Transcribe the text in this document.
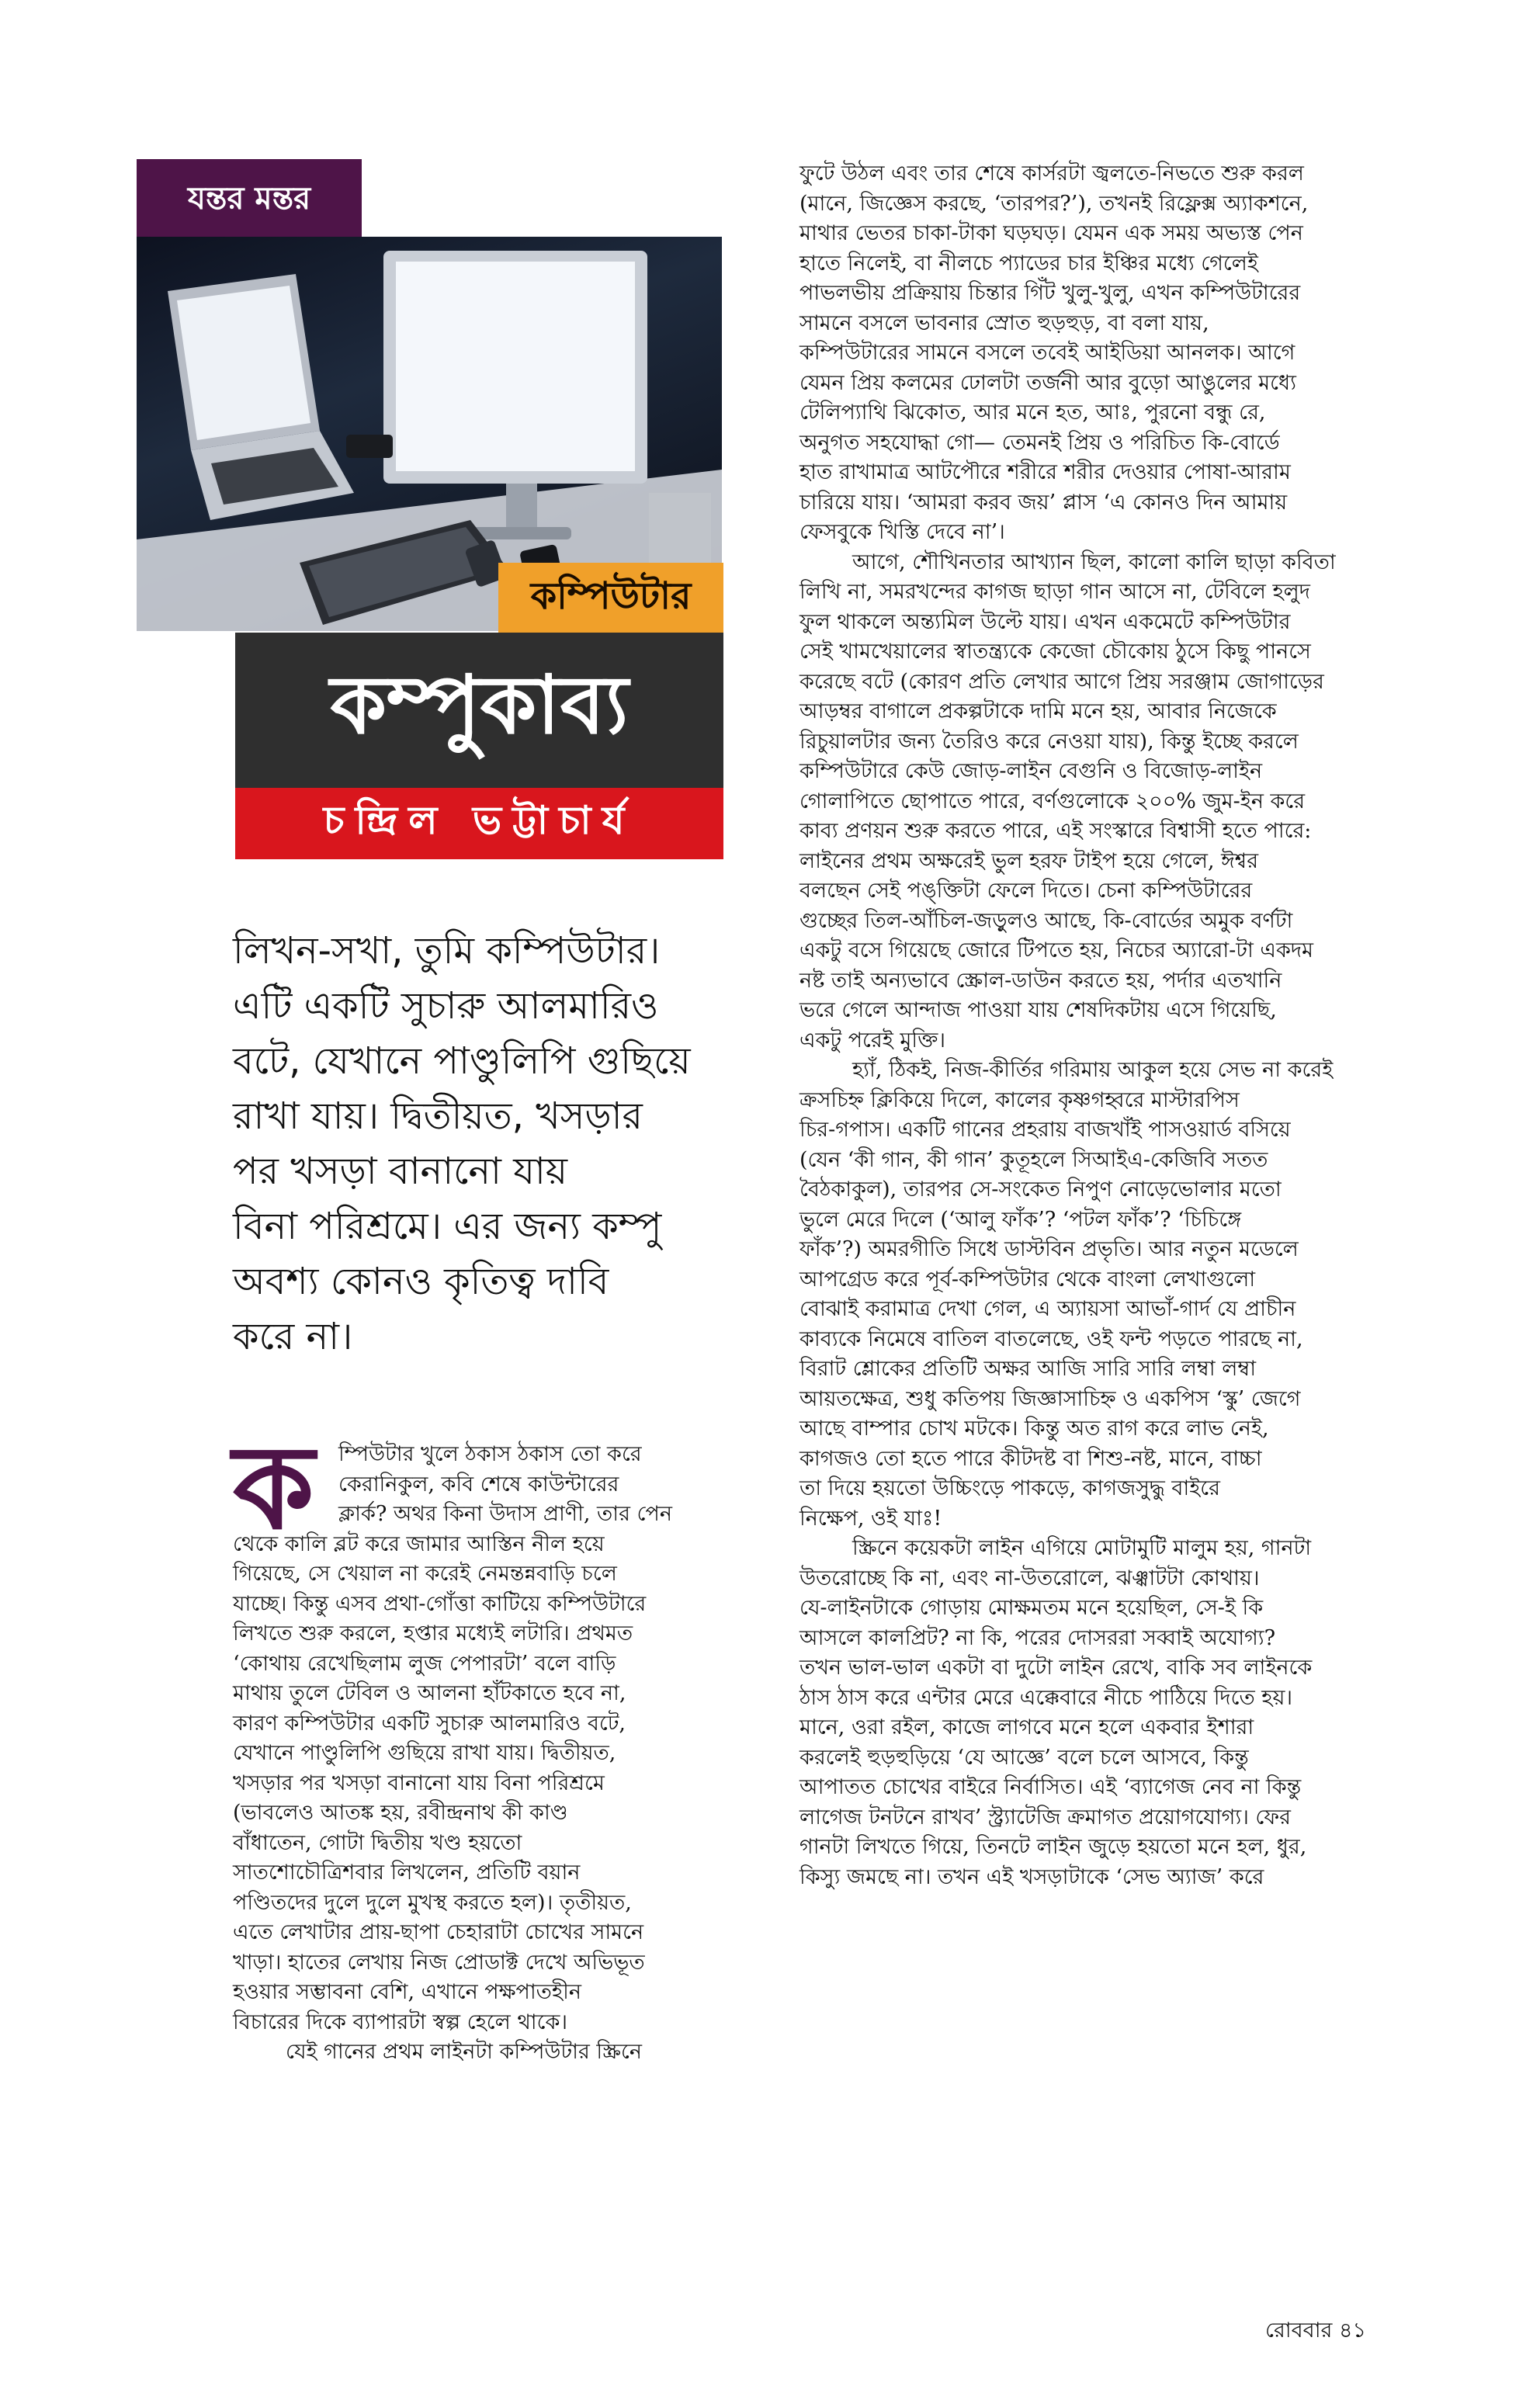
যন্তর মন্তর
কম্পিউটার
কম্পুকাব্য
চন্দ্রিল ভট্টাচার্য
লিখন-সখা, তুমি কম্পিউটার।
এটি একটি সুচারু আলমারিও
বটে, যেখানে পাণ্ডুলিপি গুছিয়ে
রাখা যায়। দ্বিতীয়ত, খসড়ার
পর খসড়া বানানো যায়
বিনা পরিশ্রমে। এর জন্য কম্পু
অবশ্য কোনও কৃতিত্ব দাবি
করে না।
ক	ম্পিউটার খুলে ঠকাস ঠকাস তো করে
কেরানিকুল, কবি শেষে কাউন্টারের
ক্লার্ক? অথর কিনা উদাস প্রাণী, তার পেন
থেকে কালি ব্লট করে জামার আস্তিন নীল হয়ে
গিয়েছে, সে খেয়াল না করেই নেমন্তন্নবাড়ি চলে
যাচ্ছে। কিন্তু এসব প্রথা-গোঁত্তা কাটিয়ে কম্পিউটারে
লিখতে শুরু করলে, হপ্তার মধ্যেই লটারি। প্রথমত
‘কোথায় রেখেছিলাম লুজ পেপারটা’ বলে বাড়ি
মাথায় তুলে টেবিল ও আলনা হাঁটকাতে হবে না,
কারণ কম্পিউটার একটি সুচারু আলমারিও বটে,
যেখানে পাণ্ডুলিপি গুছিয়ে রাখা যায়। দ্বিতীয়ত,
খসড়ার পর খসড়া বানানো যায় বিনা পরিশ্রমে
(ভাবলেও আতঙ্ক হয়, রবীন্দ্রনাথ কী কাণ্ড
বাঁধাতেন, গোটা দ্বিতীয় খণ্ড হয়তো
সাতশোচৌত্রিশবার লিখলেন, প্রতিটি বয়ান
পণ্ডিতদের দুলে দুলে মুখস্থ করতে হল)। তৃতীয়ত,
এতে লেখাটার প্রায়-ছাপা চেহারাটা চোখের সামনে
খাড়া। হাতের লেখায় নিজ প্রোডাক্ট দেখে অভিভূত
হওয়ার সম্ভাবনা বেশি, এখানে পক্ষপাতহীন
বিচারের দিকে ব্যাপারটা স্বল্প হেলে থাকে।
যেই গানের প্রথম লাইনটা কম্পিউটার স্ক্রিনে
ফুটে উঠল এবং তার শেষে কার্সরটা জ্বলতে-নিভতে শুরু করল
(মানে, জিজ্ঞেস করছে, ‘তারপর?’), তখনই রিফ্লেক্স অ্যাকশনে,
মাথার ভেতর চাকা-টাকা ঘড়ঘড়। যেমন এক সময় অভ্যস্ত পেন
হাতে নিলেই, বা নীলচে প্যাডের চার ইঞ্চির মধ্যে গেলেই
পাভলভীয় প্রক্রিয়ায় চিন্তার গিঁট খুলু-খুলু, এখন কম্পিউটারের
সামনে বসলে ভাবনার স্রোত হুড়হুড়, বা বলা যায়,
কম্পিউটারের সামনে বসলে তবেই আইডিয়া আনলক। আগে
যেমন প্রিয় কলমের ঢোলটা তর্জনী আর বুড়ো আঙুলের মধ্যে
টেলিপ্যাথি ঝিকোত, আর মনে হত, আঃ, পুরনো বন্ধু রে,
অনুগত সহযোদ্ধা গো— তেমনই প্রিয় ও পরিচিত কি-বোর্ডে
হাত রাখামাত্র আটপৌরে শরীরে শরীর দেওয়ার পোষা-আরাম
চারিয়ে যায়। ‘আমরা করব জয়’ প্লাস ‘এ কোনও দিন আমায়
ফেসবুকে খিস্তি দেবে না’।
আগে, শৌখিনতার আখ্যান ছিল, কালো কালি ছাড়া কবিতা
লিখি না, সমরখন্দের কাগজ ছাড়া গান আসে না, টেবিলে হলুদ
ফুল থাকলে অন্ত্যমিল উল্টে যায়। এখন একমেটে কম্পিউটার
সেই খামখেয়ালের স্বাতন্ত্র্যকে কেজো চৌকোয় ঠুসে কিছু পানসে
করেছে বটে (কোরণ প্রতি লেখার আগে প্রিয় সরঞ্জাম জোগাড়ের
আড়ম্বর বাগালে প্রকল্পটাকে দামি মনে হয়, আবার নিজেকে
রিচুয়ালটার জন্য তৈরিও করে নেওয়া যায়), কিন্তু ইচ্ছে করলে
কম্পিউটারে কেউ জোড়-লাইন বেগুনি ও বিজোড়-লাইন
গোলাপিতে ছোপাতে পারে, বর্ণগুলোকে ২০০% জুম-ইন করে
কাব্য প্রণয়ন শুরু করতে পারে, এই সংস্কারে বিশ্বাসী হতে পারে:
লাইনের প্রথম অক্ষরেই ভুল হরফ টাইপ হয়ে গেলে, ঈশ্বর
বলছেন সেই পঙ্‌ক্তিটা ফেলে দিতে। চেনা কম্পিউটারের
গুচ্ছের তিল-আঁচিল-জড়ুলও আছে, কি-বোর্ডের অমুক বর্ণটা
একটু বসে গিয়েছে জোরে টিপতে হয়, নিচের অ্যারো-টা একদম
নষ্ট তাই অন্যভাবে স্ক্রোল-ডাউন করতে হয়, পর্দার এতখানি
ভরে গেলে আন্দাজ পাওয়া যায় শেষদিকটায় এসে গিয়েছি,
একটু পরেই মুক্তি।
হ্যাঁ, ঠিকই, নিজ-কীর্তির গরিমায় আকুল হয়ে সেভ না করেই
ক্রসচিহ্ন ক্লিকিয়ে দিলে, কালের কৃষ্ণগহ্বরে মাস্টারপিস
চির-গপাস। একটি গানের প্রহরায় বাজখাঁই পাসওয়ার্ড বসিয়ে
(যেন ‘কী গান, কী গান’ কুতূহলে সিআইএ-কেজিবি সতত
বৈঠকাকুল), তারপর সে-সংকেত নিপুণ নোড়েভোলার মতো
ভুলে মেরে দিলে (‘আলু ফাঁক’? ‘পটল ফাঁক’? ‘চিচিঙ্গে
ফাঁক’?) অমরগীতি সিধে ডাস্টবিন প্রভৃতি। আর নতুন মডেলে
আপগ্রেড করে পূর্ব-কম্পিউটার থেকে বাংলা লেখাগুলো
বোঝাই করামাত্র দেখা গেল, এ অ্যায়সা আভাঁ-গার্দ যে প্রাচীন
কাব্যকে নিমেষে বাতিল বাতলেছে, ওই ফন্ট পড়তে পারছে না,
বিরাট শ্লোকের প্রতিটি অক্ষর আজি সারি সারি লম্বা লম্বা
আয়তক্ষেত্র, শুধু কতিপয় জিজ্ঞাসাচিহ্ন ও একপিস ‘স্কু’ জেগে
আছে বাম্পার চোখ মটকে। কিন্তু অত রাগ করে লাভ নেই,
কাগজও তো হতে পারে কীটদষ্ট বা শিশু-নষ্ট, মানে, বাচ্চা
তা দিয়ে হয়তো উচ্চিংড়ে পাকড়ে, কাগজসুদ্ধু বাইরে
নিক্ষেপ, ওই যাঃ!
স্ক্রিনে কয়েকটা লাইন এগিয়ে মোটামুটি মালুম হয়, গানটা
উতরোচ্ছে কি না, এবং না-উতরোলে, ঝঞ্ঝাটটা কোথায়।
যে-লাইনটাকে গোড়ায় মোক্ষমতম মনে হয়েছিল, সে-ই কি
আসলে কালপ্রিট? না কি, পরের দোসররা সব্বাই অযোগ্য?
তখন ভাল-ভাল একটা বা দুটো লাইন রেখে, বাকি সব লাইনকে
ঠাস ঠাস করে এন্টার মেরে এক্কেবারে নীচে পাঠিয়ে দিতে হয়।
মানে, ওরা রইল, কাজে লাগবে মনে হলে একবার ইশারা
করলেই হুড়হুড়িয়ে ‘যে আজ্ঞে’ বলে চলে আসবে, কিন্তু
আপাতত চোখের বাইরে নির্বাসিত। এই ‘ব্যাগেজ নেব না কিন্তু
লাগেজ টনটনে রাখব’ স্ট্র্যাটেজি ক্রমাগত প্রয়োগযোগ্য। ফের
গানটা লিখতে গিয়ে, তিনটে লাইন জুড়ে হয়তো মনে হল, ধুর,
কিস্যু জমছে না। তখন এই খসড়াটাকে ‘সেভ অ্যাজ’ করে
রোববার ৪১
